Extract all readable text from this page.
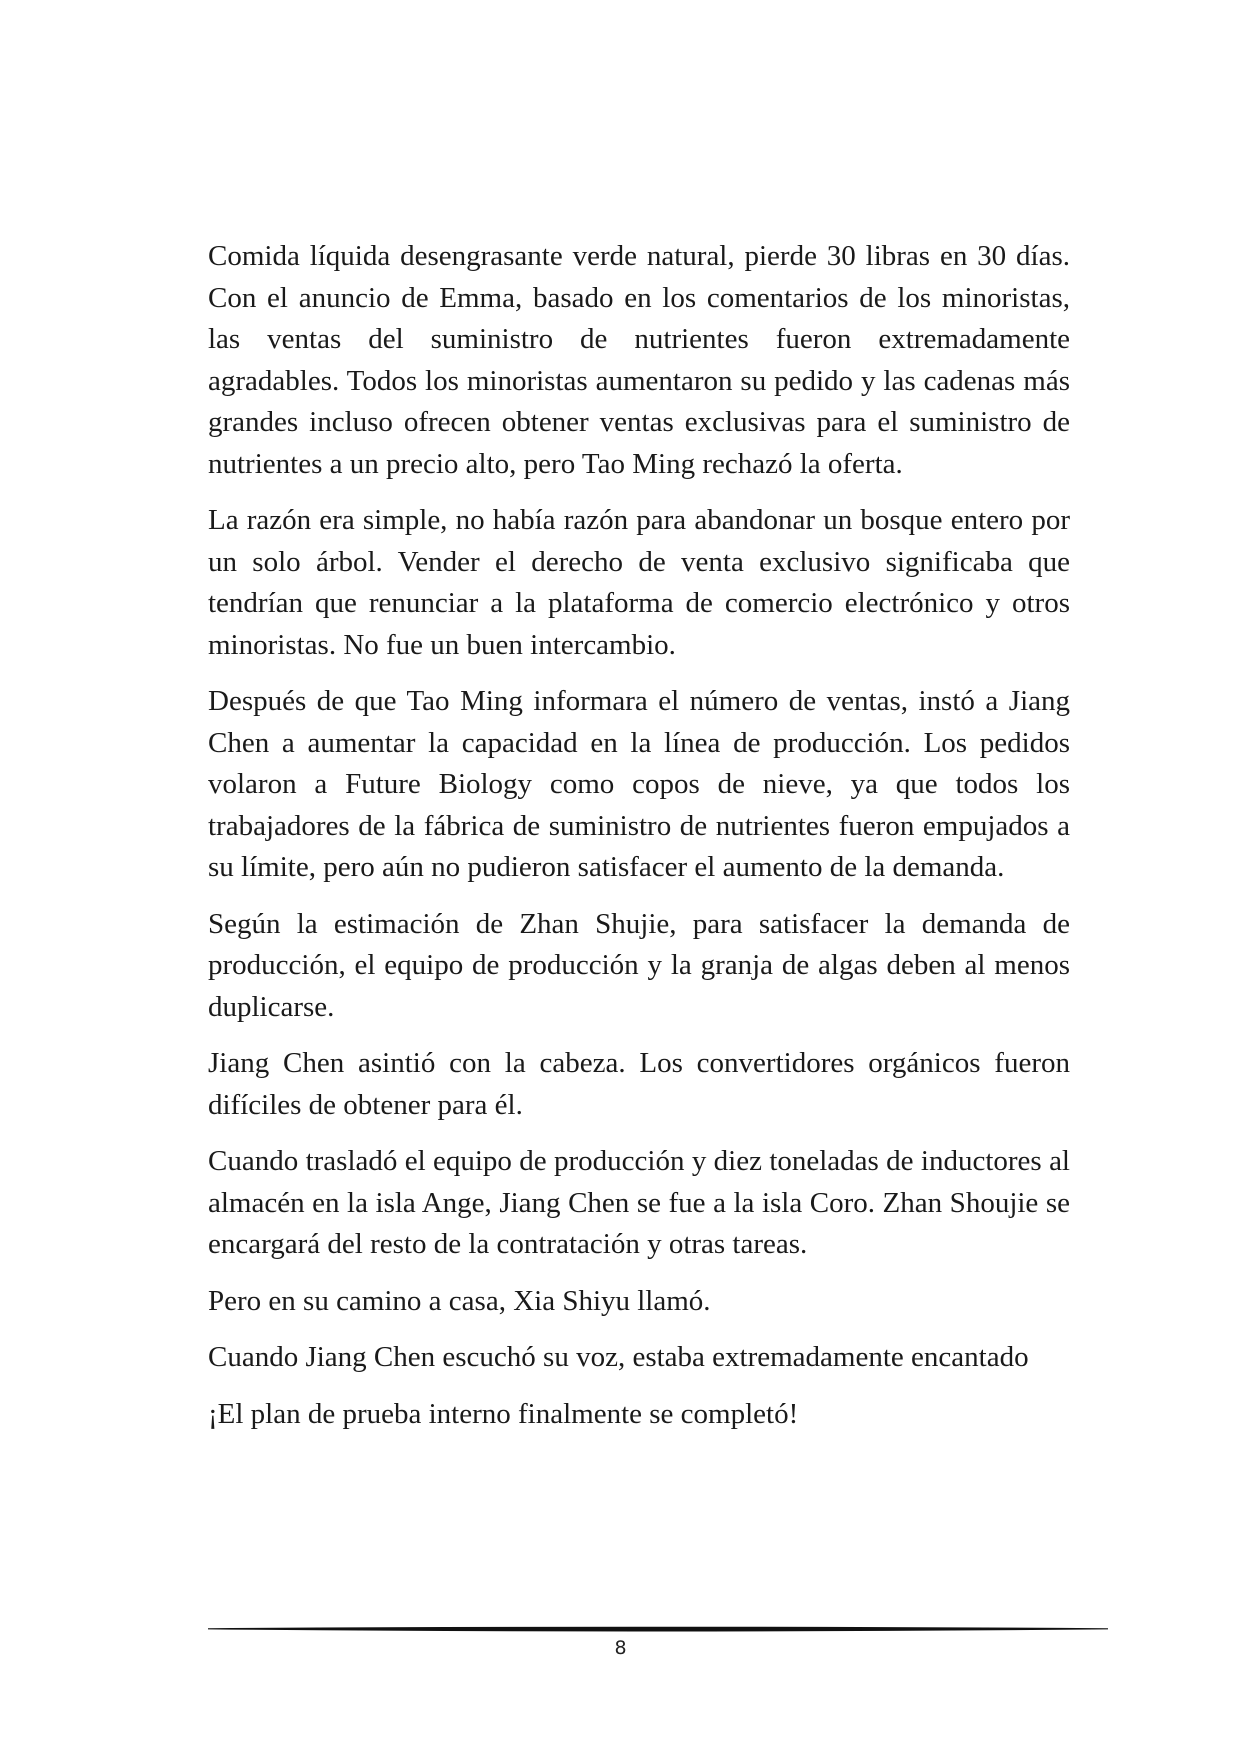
Comida líquida desengrasante verde natural, pierde 30 libras en 30 días. Con el anuncio de Emma, basado en los comentarios de los minoristas, las ventas del suministro de nutrientes fueron extremadamente agradables. Todos los minoristas aumentaron su pedido y las cadenas más grandes incluso ofrecen obtener ventas exclusivas para el suministro de nutrientes a un precio alto, pero Tao Ming rechazó la oferta.

La razón era simple, no había razón para abandonar un bosque entero por un solo árbol. Vender el derecho de venta exclusivo significaba que tendrían que renunciar a la plataforma de comercio electrónico y otros minoristas. No fue un buen intercambio.

Después de que Tao Ming informara el número de ventas, instó a Jiang Chen a aumentar la capacidad en la línea de producción. Los pedidos volaron a Future Biology como copos de nieve, ya que todos los trabajadores de la fábrica de suministro de nutrientes fueron empujados a su límite, pero aún no pudieron satisfacer el aumento de la demanda.

Según la estimación de Zhan Shujie, para satisfacer la demanda de producción, el equipo de producción y la granja de algas deben al menos duplicarse.

Jiang Chen asintió con la cabeza. Los convertidores orgánicos fueron difíciles de obtener para él.

Cuando trasladó el equipo de producción y diez toneladas de inductores al almacén en la isla Ange, Jiang Chen se fue a la isla Coro. Zhan Shoujie se encargará del resto de la contratación y otras tareas.

Pero en su camino a casa, Xia Shiyu llamó.

Cuando Jiang Chen escuchó su voz, estaba extremadamente encantado

¡El plan de prueba interno finalmente se completó!

8
